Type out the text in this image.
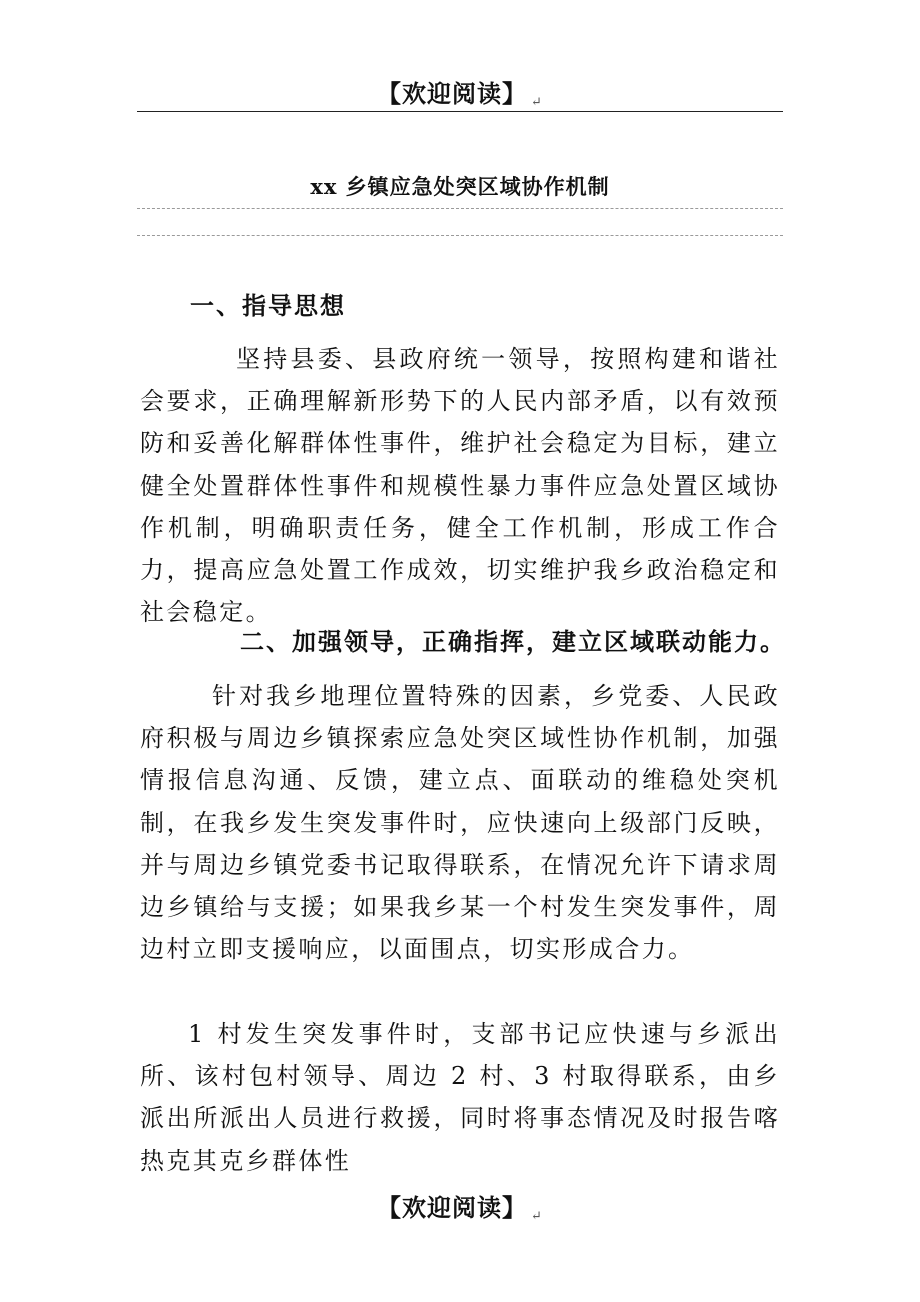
【欢迎阅读】 ↵
xx 乡镇应急处突区域协作机制
一、指导思想
坚持县委、县政府统一领导，按照构建和谐社会要求，正确理解新形势下的人民内部矛盾，以有效预防和妥善化解群体性事件，维护社会稳定为目标，建立健全处置群体性事件和规模性暴力事件应急处置区域协作机制，明确职责任务，健全工作机制，形成工作合力，提高应急处置工作成效，切实维护我乡政治稳定和社会稳定。
二、加强领导，正确指挥，建立区域联动能力。
针对我乡地理位置特殊的因素，乡党委、人民政府积极与周边乡镇探索应急处突区域性协作机制，加强情报信息沟通、反馈，建立点、面联动的维稳处突机制，在我乡发生突发事件时，应快速向上级部门反映，并与周边乡镇党委书记取得联系，在情况允许下请求周边乡镇给与支援；如果我乡某一个村发生突发事件，周边村立即支援响应，以面围点，切实形成合力。
1 村发生突发事件时，支部书记应快速与乡派出所、该村包村领导、周边 2 村、3 村取得联系，由乡派出所派出人员进行救援，同时将事态情况及时报告喀热克其克乡群体性
【欢迎阅读】 ↵
